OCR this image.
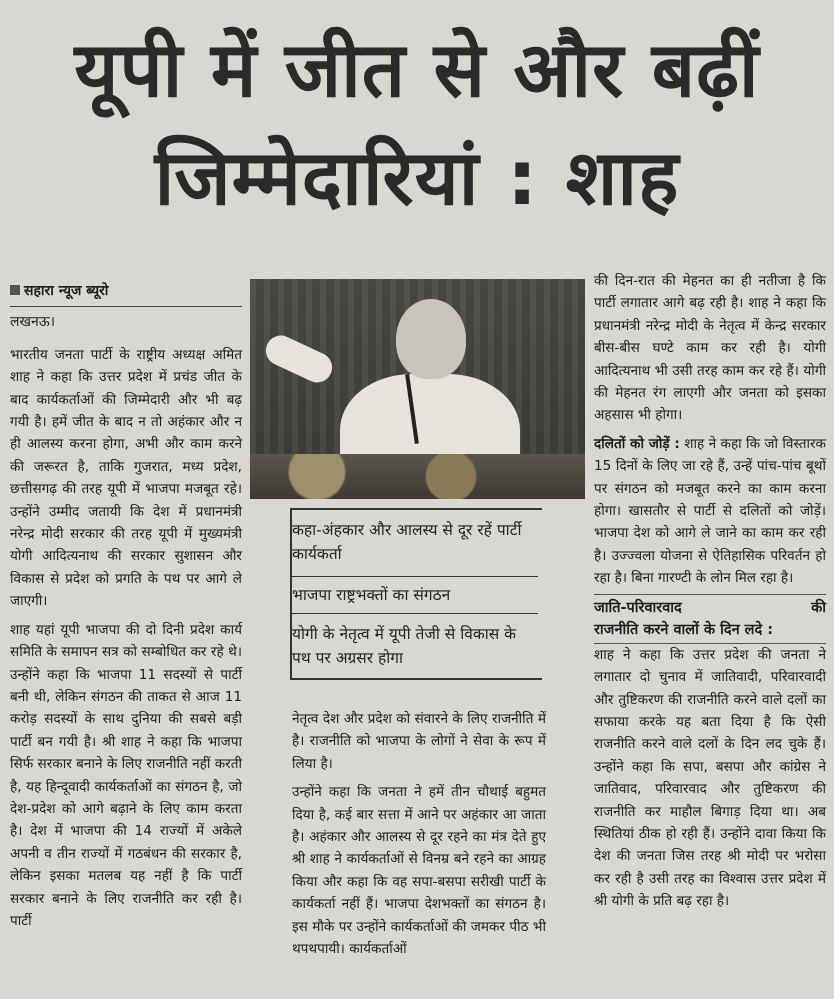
यूपी में जीत से और बढ़ीं
जिम्मेदारियां : शाह
सहारा न्यूज ब्यूरो
लखनऊ।

भारतीय जनता पार्टी के राष्ट्रीय अध्यक्ष अमित शाह ने कहा कि उत्तर प्रदेश में प्रचंड जीत के बाद कार्यकर्ताओं की जिम्मेदारी और भी बढ़ गयी है। हमें जीत के बाद न तो अहंकार और न ही आलस्य करना होगा, अभी और काम करने की जरूरत है, ताकि गुजरात, मध्य प्रदेश, छत्तीसगढ़ की तरह यूपी में भाजपा मजबूत रहे। उन्होंने उम्मीद जतायी कि देश में प्रधानमंत्री नरेन्द्र मोदी सरकार की तरह यूपी में मुख्यमंत्री योगी आदित्यनाथ की सरकार सुशासन और विकास से प्रदेश को प्रगति के पथ पर आगे ले जाएगी।

शाह यहां यूपी भाजपा की दो दिनी प्रदेश कार्य समिति के समापन सत्र को सम्बोधित कर रहे थे। उन्होंने कहा कि भाजपा 11 सदस्यों से पार्टी बनी थी, लेकिन संगठन की ताकत से आज 11 करोड़ सदस्यों के साथ दुनिया की सबसे बड़ी पार्टी बन गयी है। श्री शाह ने कहा कि भाजपा सिर्फ सरकार बनाने के लिए राजनीति नहीं करती है, यह हिन्दूवादी कार्यकर्ताओं का संगठन है, जो देश-प्रदेश को आगे बढ़ाने के लिए काम करता है। देश में भाजपा की 14 राज्यों में अकेले अपनी व तीन राज्यों में गठबंधन की सरकार है, लेकिन इसका मतलब यह नहीं है कि पार्टी सरकार बनाने के लिए राजनीति कर रही है। पार्टी

कहा-अंहकार और आलस्य से दूर रहें पार्टी कार्यकर्ता
भाजपा राष्ट्रभक्तों का संगठन
योगी के नेतृत्व में यूपी तेजी से विकास के पथ पर अग्रसर होगा

नेतृत्व देश और प्रदेश को संवारने के लिए राजनीति में है। राजनीति को भाजपा के लोगों ने सेवा के रूप में लिया है।

उन्होंने कहा कि जनता ने हमें तीन चौथाई बहुमत दिया है, कई बार सत्ता में आने पर अहंकार आ जाता है। अहंकार और आलस्य से दूर रहने का मंत्र देते हुए श्री शाह ने कार्यकर्ताओं से विनम्र बने रहने का आग्रह किया और कहा कि वह सपा-बसपा सरीखी पार्टी के कार्यकर्ता नहीं हैं। भाजपा देशभक्तों का संगठन है। इस मौके पर उन्होंने कार्यकर्ताओं की जमकर पीठ भी थपथपायी। कार्यकर्ताओं

की दिन-रात की मेहनत का ही नतीजा है कि पार्टी लगातार आगे बढ़ रही है। शाह ने कहा कि प्रधानमंत्री नरेन्द्र मोदी के नेतृत्व में केन्द्र सरकार बीस-बीस घण्टे काम कर रही है। योगी आदित्यनाथ भी उसी तरह काम कर रहे हैं। योगी की मेहनत रंग लाएगी और जनता को इसका अहसास भी होगा।

दलितों को जोड़ें : शाह ने कहा कि जो विस्तारक 15 दिनों के लिए जा रहे हैं, उन्हें पांच-पांच बूथों पर संगठन को मजबूत करने का काम करना होगा। खासतौर से पार्टी से दलितों को जोड़ें। भाजपा देश को आगे ले जाने का काम कर रही है। उज्ज्वला योजना से ऐतिहासिक परिवर्तन हो रहा है। बिना गारण्टी के लोन मिल रहा है।

जाति-परिवारवाद	की

राजनीति करने वालों के दिन लदे :

शाह ने कहा कि उत्तर प्रदेश की जनता ने लगातार दो चुनाव में जातिवादी, परिवारवादी और तुष्टिकरण की राजनीति करने वाले दलों का सफाया करके यह बता दिया है कि ऐसी राजनीति करने वाले दलों के दिन लद चुके हैं। उन्होंने कहा कि सपा, बसपा और कांग्रेस ने जातिवाद, परिवारवाद और तुष्टिकरण की राजनीति कर माहौल बिगाड़ दिया था। अब स्थितियां ठीक हो रही हैं। उन्होंने दावा किया कि देश की जनता जिस तरह श्री मोदी पर भरोसा कर रही है उसी तरह का विश्वास उत्तर प्रदेश में श्री योगी के प्रति बढ़ रहा है।
